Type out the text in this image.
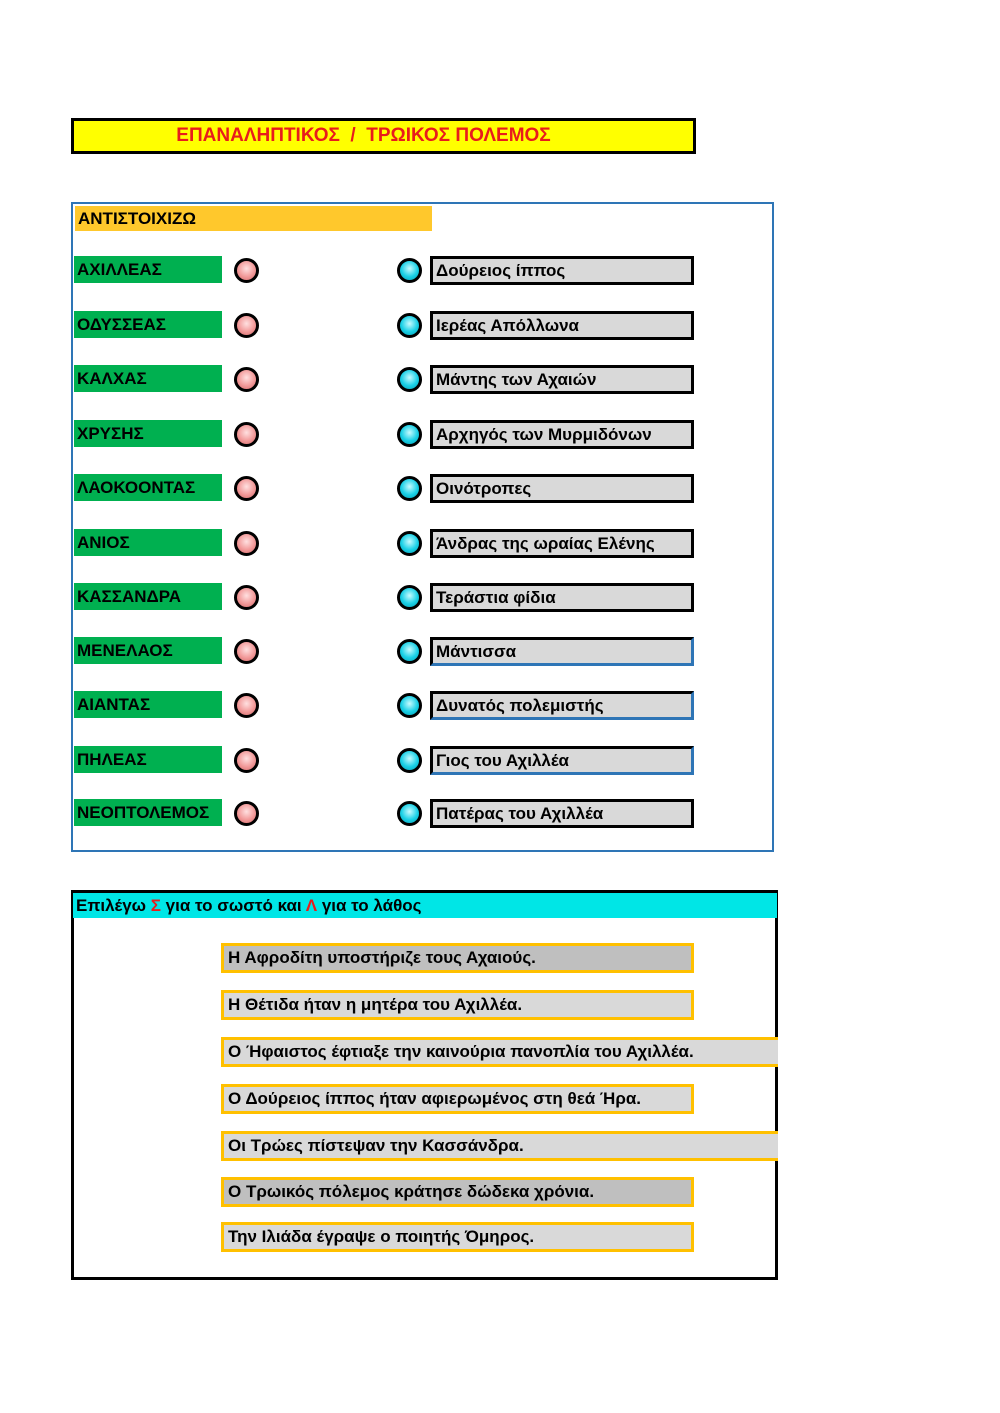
ΕΠΑΝΑΛΗΠΤΙΚΟΣ  /  ΤΡΩΙΚΟΣ ΠΟΛΕΜΟΣ
ΑΝΤΙΣΤΟΙΧΙΖΩ
ΑΧΙΛΛΕΑΣ
ΟΔΥΣΣΕΑΣ
ΚΑΛΧΑΣ
ΧΡΥΣΗΣ
ΛΑΟΚΟΟΝΤΑΣ
ΑΝΙΟΣ
ΚΑΣΣΑΝΔΡΑ
ΜΕΝΕΛΑΟΣ
ΑΙΑΝΤΑΣ
ΠΗΛΕΑΣ
ΝΕΟΠΤΟΛΕΜΟΣ
Δούρειος ίππος
Ιερέας Απόλλωνα
Μάντης των Αχαιών
Αρχηγός των Μυρμιδόνων
Οινότροπες
Άνδρας της ωραίας Ελένης
Τεράστια φίδια
Μάντισσα
Δυνατός πολεμιστής
Γιος του Αχιλλέα
Πατέρας του Αχιλλέα
Επιλέγω Σ για το σωστό και Λ για το λάθος
Η Αφροδίτη υποστήριζε τους Αχαιούς.
Η Θέτιδα ήταν η μητέρα του Αχιλλέα.
Ο Ήφαιστος έφτιαξε την καινούρια πανοπλία του Αχιλλέα.
Ο Δούρειος ίππος ήταν αφιερωμένος στη θεά Ήρα.
Οι Τρώες πίστεψαν την Κασσάνδρα.
Ο Τρωικός πόλεμος κράτησε δώδεκα χρόνια.
Την Ιλιάδα έγραψε ο ποιητής Όμηρος.
